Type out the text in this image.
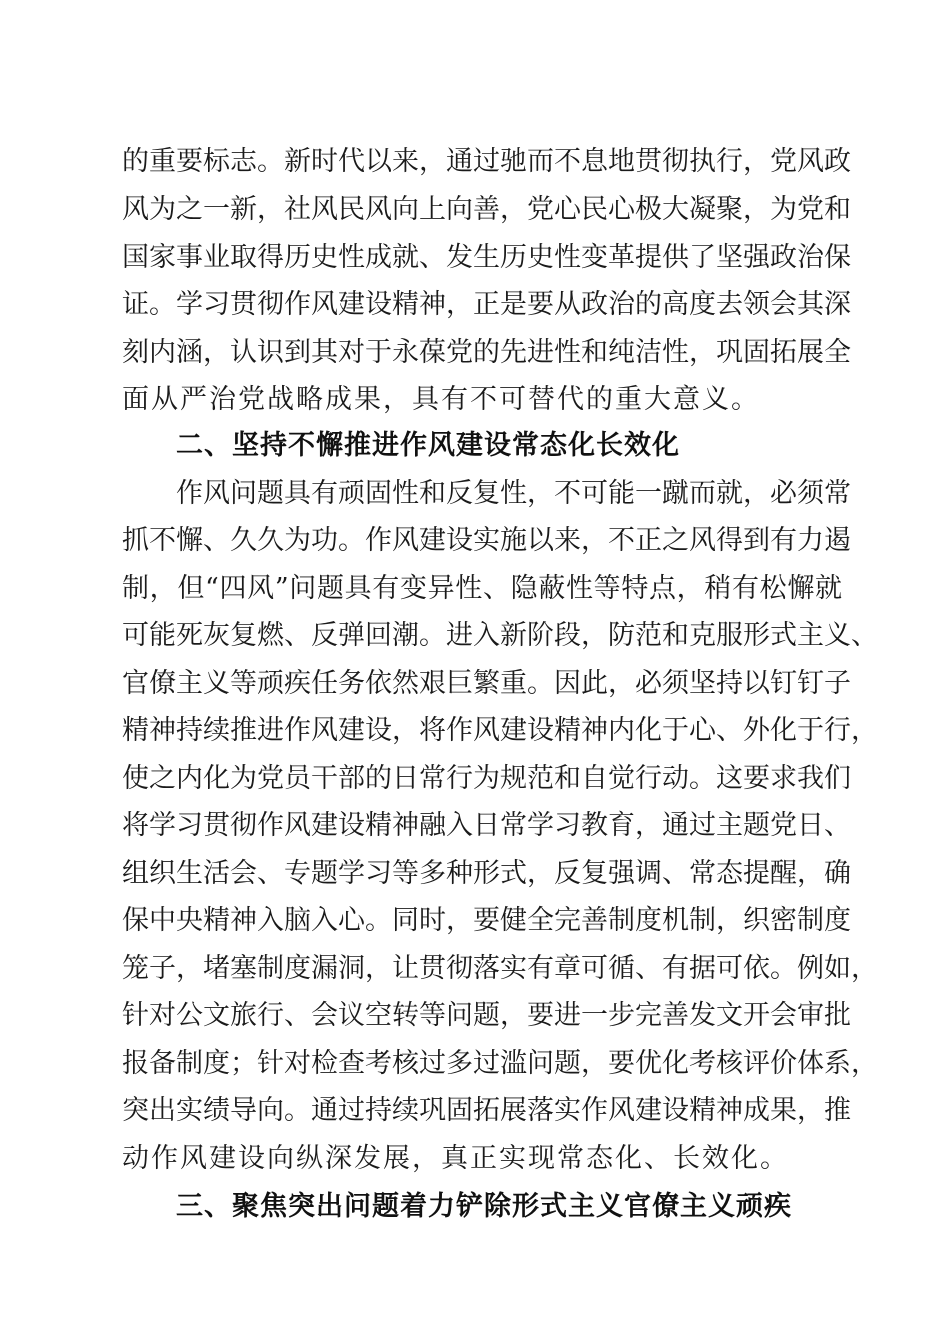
的重要标志。新时代以来，通过驰而不息地贯彻执行，党风政
风为之一新，社风民风向上向善，党心民心极大凝聚，为党和
国家事业取得历史性成就、发生历史性变革提供了坚强政治保
证。学习贯彻作风建设精神，正是要从政治的高度去领会其深
刻内涵，认识到其对于永葆党的先进性和纯洁性，巩固拓展全
面从严治党战略成果，具有不可替代的重大意义。
二、坚持不懈推进作风建设常态化长效化
作风问题具有顽固性和反复性，不可能一蹴而就，必须常
抓不懈、久久为功。作风建设实施以来，不正之风得到有力遏
制，但“四风”问题具有变异性、隐蔽性等特点，稍有松懈就
可能死灰复燃、反弹回潮。进入新阶段，防范和克服形式主义、
官僚主义等顽疾任务依然艰巨繁重。因此，必须坚持以钉钉子
精神持续推进作风建设，将作风建设精神内化于心、外化于行，
使之内化为党员干部的日常行为规范和自觉行动。这要求我们
将学习贯彻作风建设精神融入日常学习教育，通过主题党日、
组织生活会、专题学习等多种形式，反复强调、常态提醒，确
保中央精神入脑入心。同时，要健全完善制度机制，织密制度
笼子，堵塞制度漏洞，让贯彻落实有章可循、有据可依。例如，
针对公文旅行、会议空转等问题，要进一步完善发文开会审批
报备制度；针对检查考核过多过滥问题，要优化考核评价体系，
突出实绩导向。通过持续巩固拓展落实作风建设精神成果，推
动作风建设向纵深发展，真正实现常态化、长效化。
三、聚焦突出问题着力铲除形式主义官僚主义顽疾
